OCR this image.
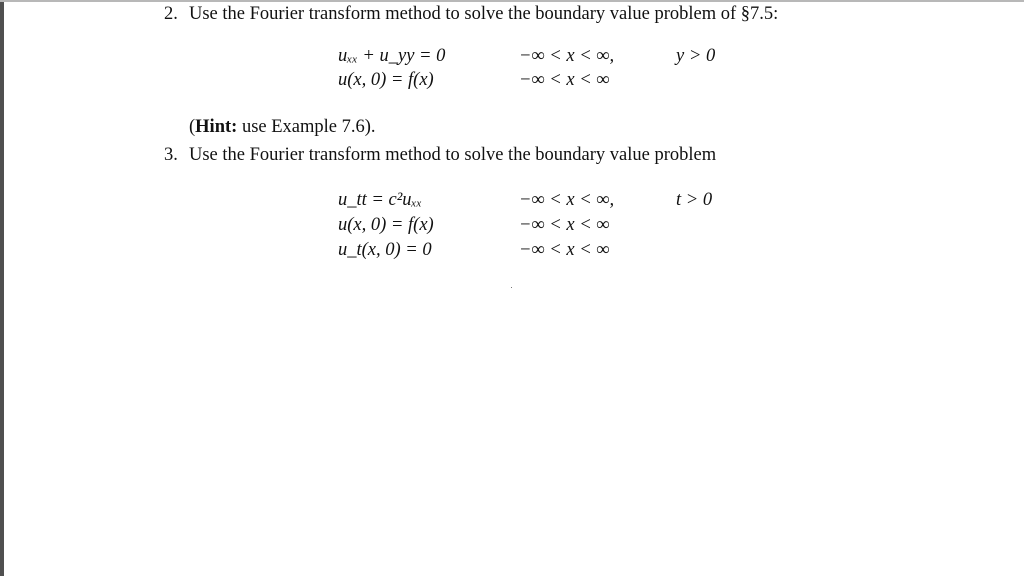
2. Use the Fourier transform method to solve the boundary value problem of §7.5:
uₓₓ + u_yy = 0	−∞ < x < ∞,	y > 0
u(x, 0) = f(x)	−∞ < x < ∞
(Hint: use Example 7.6).
3. Use the Fourier transform method to solve the boundary value problem
u_tt = c²uₓₓ	−∞ < x < ∞,	t > 0
u(x, 0) = f(x)	−∞ < x < ∞
u_t(x, 0) = 0	−∞ < x < ∞
